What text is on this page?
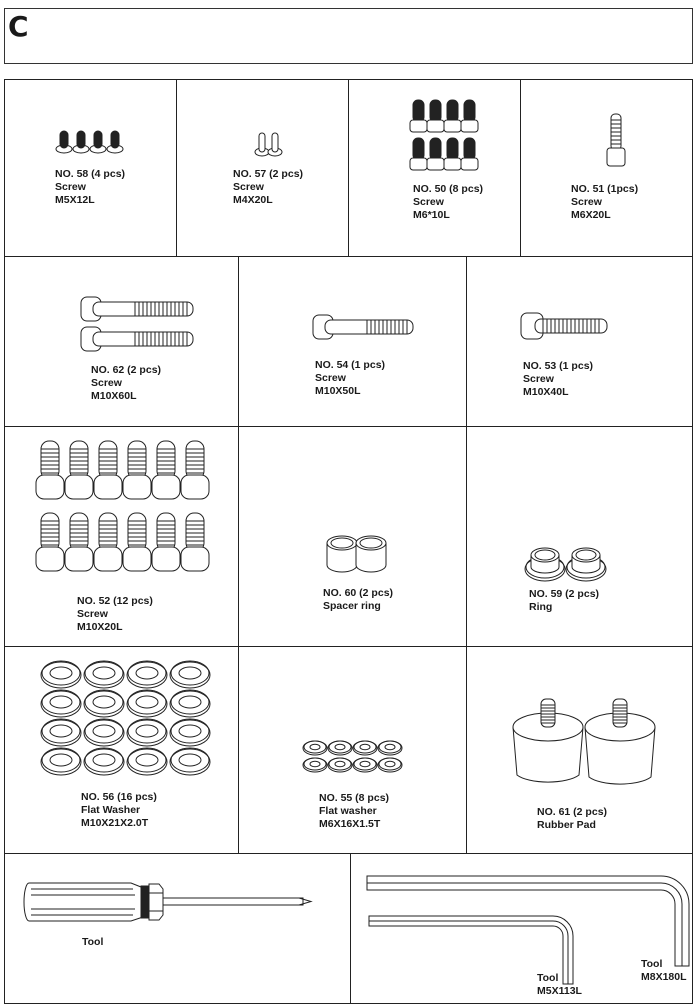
C
NO. 58 (4 pcs)
Screw
M5X12L
NO. 57 (2 pcs)
Screw
M4X20L
NO. 50 (8 pcs)
Screw
M6*10L
NO. 51 (1pcs)
Screw
M6X20L
NO. 62 (2 pcs)
Screw
M10X60L
NO. 54 (1 pcs)
Screw
M10X50L
NO. 53 (1 pcs)
Screw
M10X40L
NO. 52 (12 pcs)
Screw
M10X20L
NO. 60 (2 pcs)
Spacer ring
NO. 59 (2 pcs)
Ring
NO. 56 (16 pcs)
Flat Washer
M10X21X2.0T
NO. 55 (8 pcs)
Flat washer
M6X16X1.5T
NO. 61 (2 pcs)
Rubber Pad
Tool
Tool
M5X113L
Tool
M8X180L
